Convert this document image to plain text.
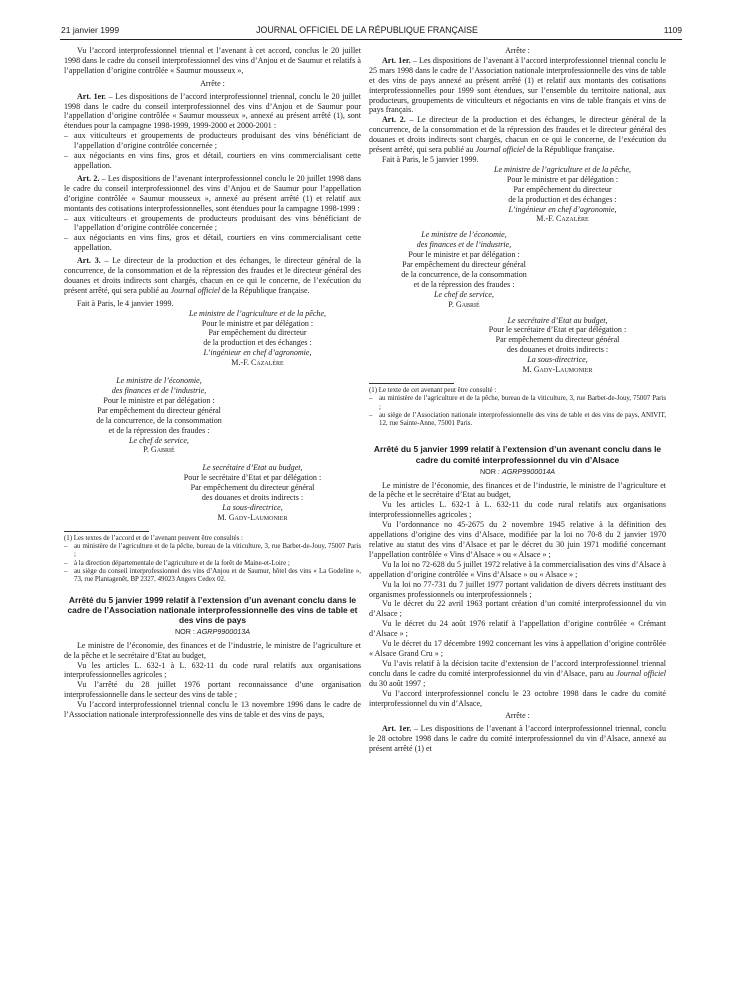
21 janvier 1999	JOURNAL OFFICIEL DE LA RÉPUBLIQUE FRANÇAISE	1109

Vu l’accord interprofessionnel triennal et l’avenant à cet accord, conclus le 20 juillet 1998 dans le cadre du conseil interprofessionnel des vins d’Anjou et de Saumur et relatifs à l’appellation d’origine contrôlée « Saumur mousseux »,

Arrête :

Art. 1er. – Les dispositions de l’accord interprofessionnel triennal, conclu le 20 juillet 1998 dans le cadre du conseil interprofessionnel des vins d’Anjou et de Saumur pour l’appellation d’origine contrôlée « Saumur mousseux », annexé au présent arrêté (1), sont étendues pour la campagne 1998-1999, 1999-2000 et 2000-2001 :

– aux viticulteurs et groupements de producteurs produisant des vins bénéficiant de l’appellation d’origine contrôlée concernée ;

– aux négociants en vins fins, gros et détail, courtiers en vins commercialisant cette appellation.

Art. 2. – Les dispositions de l’avenant interprofessionnel conclu le 20 juillet 1998 dans le cadre du conseil interprofessionnel des vins d’Anjou et de Saumur pour l’appellation d’origine contrôlée « Saumur mousseux », annexé au présent arrêté (1) et relatif aux montants des cotisations interprofessionnelles, sont étendues pour la campagne 1998-1999 :

– aux viticulteurs et groupements de producteurs produisant des vins bénéficiant de l’appellation d’origine contrôlée concernée ;

– aux négociants en vins fins, gros et détail, courtiers en vins commercialisant cette appellation.

Art. 3. – Le directeur de la production et des échanges, le directeur général de la concurrence, de la consommation et de la répression des fraudes et le directeur général des douanes et droits indirects sont chargés, chacun en ce qui le concerne, de l’exécution du présent arrêté, qui sera publié au Journal officiel de la République française.

Fait à Paris, le 4 janvier 1999.

Le ministre de l’agriculture et de la pêche,
Pour le ministre et par délégation :
Par empêchement du directeur
de la production et des échanges :
L’ingénieur en chef d’agronomie,
M.-F. Cazalère
Le ministre de l’économie,
des finances et de l’industrie,
Pour le ministre et par délégation :
Par empêchement du directeur général
de la concurrence, de la consommation
et de la répression des fraudes :
Le chef de service,
P. Gabrié
Le secrétaire d’Etat au budget,
Pour le secrétaire d’Etat et par délégation :
Par empêchement du directeur général
des douanes et droits indirects :
La sous-directrice,
M. Gady-Laumonier

(1) Les textes de l’accord et de l’avenant peuvent être consultés :

– au ministère de l’agriculture et de la pêche, bureau de la viticulture, 3, rue Barbet-de-Jouy, 75007 Paris ;

– à la direction départementale de l’agriculture et de la forêt de Maine-et-Loire ;

– au siège du conseil interprofessionnel des vins d’Anjou et de Saumur, hôtel des vins « La Godeline », 73, rue Plantagenêt, BP 2327, 49023 Angers Cedex 02.

Arrêté du 5 janvier 1999 relatif à l’extension d’un avenant conclu dans le cadre de l’Association nationale interprofessionnelle des vins de table et des vins de pays
NOR : AGRP9900013A

Le ministre de l’économie, des finances et de l’industrie, le ministre de l’agriculture et de la pêche et le secrétaire d’Etat au budget,

Vu les articles L. 632-1 à L. 632-11 du code rural relatifs aux organisations interprofessionnelles agricoles ;

Vu l’arrêté du 28 juillet 1976 portant reconnaissance d’une organisation interprofessionnelle dans le secteur des vins de table ;

Vu l’accord interprofessionnel triennal conclu le 13 novembre 1996 dans le cadre de l’Association nationale interprofessionnelle des vins de table et des vins de pays,

Arrête :

Art. 1er. – Les dispositions de l’avenant à l’accord interprofessionnel triennal conclu le 25 mars 1998 dans le cadre de l’Association nationale interprofessionnelle des vins de table et des vins de pays annexé au présent arrêté (1) et relatif aux montants des cotisations interprofessionnelles pour 1999 sont étendues, sur l’ensemble du territoire national, aux producteurs, groupements de viticulteurs et négociants en vins de table français et vins de pays français.

Art. 2. – Le directeur de la production et des échanges, le directeur général de la concurrence, de la consommation et de la répression des fraudes et le directeur général des douanes et droits indirects sont chargés, chacun en ce qui le concerne, de l’exécution du présent arrêté, qui sera publié au Journal officiel de la République française.

Fait à Paris, le 5 janvier 1999.

Le ministre de l’agriculture et de la pêche,
Pour le ministre et par délégation :
Par empêchement du directeur
de la production et des échanges :
L’ingénieur en chef d’agronomie,
M.-F. Cazalère
Le ministre de l’économie,
des finances et de l’industrie,
Pour le ministre et par délégation :
Par empêchement du directeur général
de la concurrence, de la consommation
et de la répression des fraudes :
Le chef de service,
P. Gabrié
Le secrétaire d’Etat au budget,
Pour le secrétaire d’Etat et par délégation :
Par empêchement du directeur général
des douanes et droits indirects :
La sous-directrice,
M. Gady-Laumonier

(1) Le texte de cet avenant peut être consulté :

– au ministère de l’agriculture et de la pêche, bureau de la viticulture, 3, rue Barbet-de-Jouy, 75007 Paris ;

– au siège de l’Association nationale interprofessionnelle des vins de table et des vins de pays, ANIVIT, 12, rue Sainte-Anne, 75001 Paris.

Arrêté du 5 janvier 1999 relatif à l’extension d’un avenant conclu dans le cadre du comité interprofessionnel du vin d’Alsace
NOR : AGRP9900014A

Le ministre de l’économie, des finances et de l’industrie, le ministre de l’agriculture et de la pêche et le secrétaire d’Etat au budget,

Vu les articles L. 632-1 à L. 632-11 du code rural relatifs aux organisations interprofessionnelles agricoles ;

Vu l’ordonnance no 45-2675 du 2 novembre 1945 relative à la définition des appellations d’origine des vins d’Alsace, modifiée par la loi no 70-8 du 2 janvier 1970 relative au statut des vins d’Alsace et par le décret du 30 juin 1971 modifié concernant l’appellation contrôlée « Vins d’Alsace » ou « Alsace » ;

Vu la loi no 72-628 du 5 juillet 1972 relative à la commercialisation des vins d’Alsace à appellation d’origine contrôlée « Vins d’Alsace » ou « Alsace » ;

Vu la loi no 77-731 du 7 juillet 1977 portant validation de divers décrets instituant des organismes professionnels ou interprofessionnels ;

Vu le décret du 22 avril 1963 portant création d’un comité interprofessionnel du vin d’Alsace ;

Vu le décret du 24 août 1976 relatif à l’appellation d’origine contrôlée « Crémant d’Alsace » ;

Vu le décret du 17 décembre 1992 concernant les vins à appellation d’origine contrôlée « Alsace Grand Cru » ;

Vu l’avis relatif à la décision tacite d’extension de l’accord interprofessionnel triennal conclu dans le cadre du comité interprofessionnel du vin d’Alsace, paru au Journal officiel du 30 août 1997 ;

Vu l’accord interprofessionnel conclu le 23 octobre 1998 dans le cadre du comité interprofessionnel du vin d’Alsace,

Arrête :

Art. 1er. – Les dispositions de l’avenant à l’accord interprofessionnel triennal, conclu le 28 octobre 1998 dans le cadre du comité interprofessionnel du vin d’Alsace, annexé au présent arrêté (1) et
